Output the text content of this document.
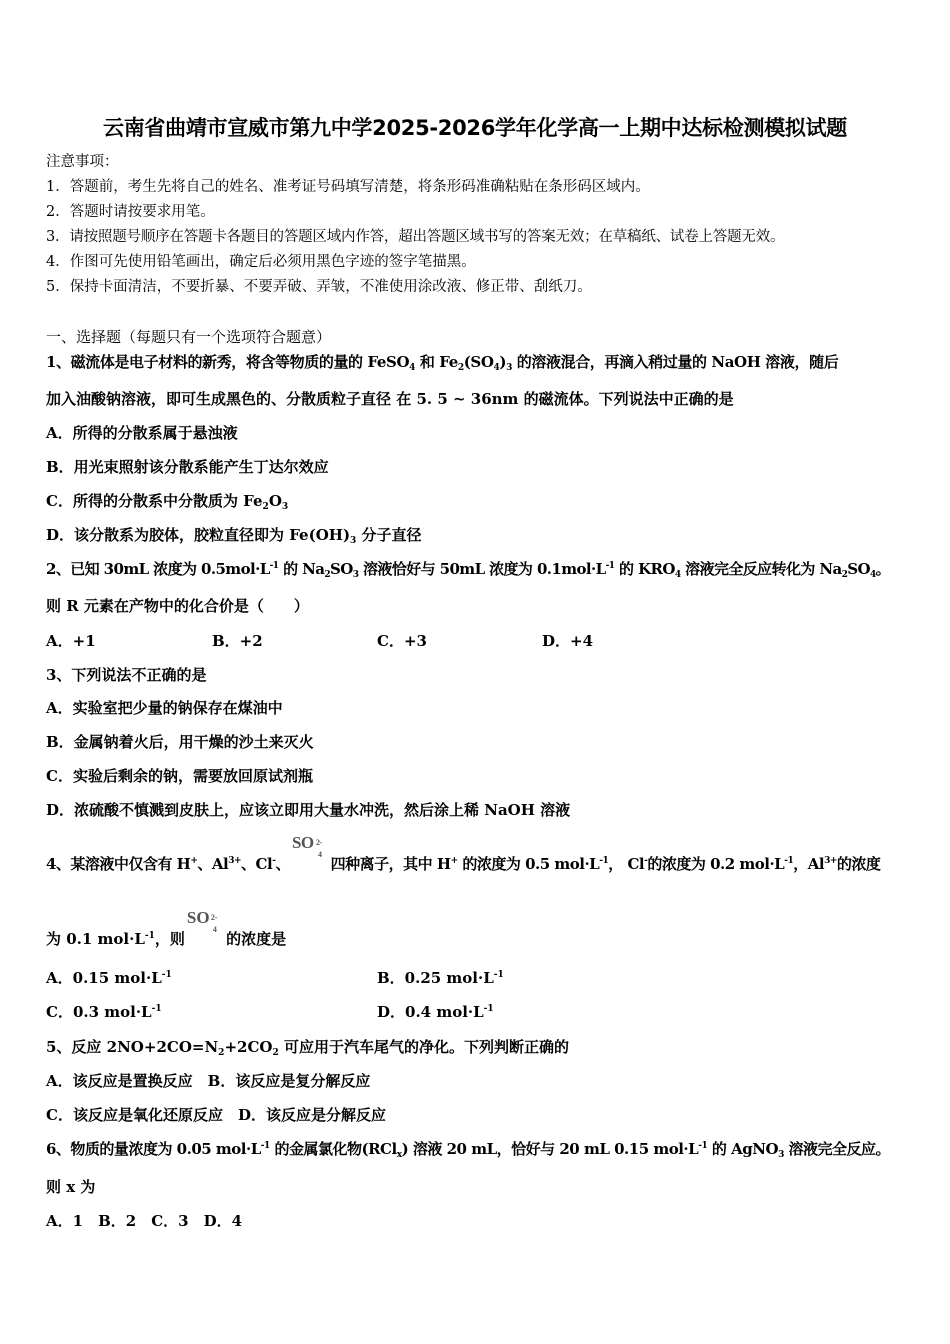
云南省曲靖市宣威市第九中学2025-2026学年化学高一上期中达标检测模拟试题
注意事项：
1．答题前，考生先将自己的姓名、准考证号码填写清楚，将条形码准确粘贴在条形码区域内。
2．答题时请按要求用笔。
3．请按照题号顺序在答题卡各题目的答题区域内作答，超出答题区域书写的答案无效；在草稿纸、试卷上答题无效。
4．作图可先使用铅笔画出，确定后必须用黑色字迹的签字笔描黑。
5．保持卡面清洁，不要折暴、不要弄破、弄皱，不准使用涂改液、修正带、刮纸刀。
一、选择题（每题只有一个选项符合题意）
1、磁流体是电子材料的新秀，将含等物质的量的 FeSO$_4$ 和 $Fe_2(SO_4)_3$ 的溶液混合，再滴入稍过量的 NaOH 溶液，随后
加入油酸钠溶液，即可生成黑色的、分散质粒子直径 在 5. 5 ~ 36nm 的磁流体。下列说法中正确的是
A．所得的分散系属于悬浊液
B．用光束照射该分散系能产生丁达尔效应
C．所得的分散系中分散质为 $Fe_2O_3$
D．该分散系为胶体，胶粒直径即为 $Fe(OH)_3$ 分子直径
2、已知 30mL 浓度为 $0.5mol\cdot L^{-1}$ 的 $Na_2SO_3$ 溶液恰好与 50mL 浓度为 $0.1mol\cdot L^{-1}$ 的 $KRO_4$ 溶液完全反应转化为 $Na_2SO_4$。
则 R 元素在产物中的化合价是（　　）
A．+1	B．+2	C．+3	D．+4
3、下列说法不正确的是
A．实验室把少量的钠保存在煤油中
B．金属钠着火后，用干燥的沙土来灭火
C．实验后剩余的钠，需要放回原试剂瓶
D．浓硫酸不慎溅到皮肤上，应该立即用大量水冲洗，然后涂上稀 NaOH 溶液
4、某溶液中仅含有 H+、$Al^{3+}$、Cl-、
SO 2-
4
四种离子，其中 H+ 的浓度为 0.5 $mol\cdot L^{-1}$， Cl-的浓度为 0.2 $mol\cdot L^{-1}$，$Al^{3+}$的浓度
为 0.1 $mol\cdot L^{-1}$，则
SO 2-
4
的浓度是
A．0.15 $mol\cdot L^{-1}$	B．0.25 $mol\cdot L^{-1}$
C．0.3 $mol\cdot L^{-1}$	D．0.4 $mol\cdot L^{-1}$
5、反应 $2NO+2CO=N_2+2CO_2$ 可应用于汽车尾气的净化。下列判断正确的
A．该反应是置换反应　B．该反应是复分解反应
C．该反应是氧化还原反应　D．该反应是分解反应
6、物质的量浓度为 0.05 $mol\cdot L^{-1}$ 的金属氯化物(RCl$_x$) 溶液 20 mL，恰好与 20 mL 0.15 $mol\cdot L^{-1}$ 的 AgNO$_3$ 溶液完全反应。
则 x 为
A．1　B．2　C．3　D．4
